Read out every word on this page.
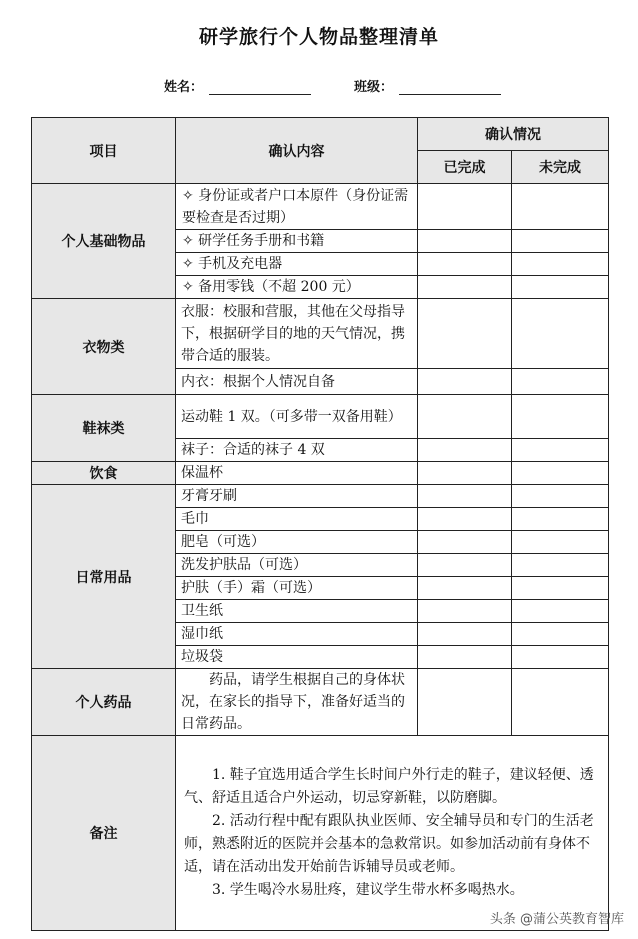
研学旅行个人物品整理清单
姓名：	班级：
项目	确认内容	确认情况	
		已完成	未完成
个人基础物品	✧ 身份证或者户口本原件（身份证需要检查是否过期）		
	✧ 研学任务手册和书籍		
	✧ 手机及充电器		
	✧ 备用零钱（不超 200 元）		
衣物类	衣服：校服和营服，其他在父母指导下，根据研学目的地的天气情况，携带合适的服装。		
	内衣：根据个人情况自备		
鞋袜类	运动鞋 1 双。（可多带一双备用鞋）		
	袜子：合适的袜子 4 双		
饮食	保温杯		
日常用品	牙膏牙刷		
	毛巾		
	肥皂（可选）		
	洗发护肤品（可选）		
	护肤（手）霜（可选）		
	卫生纸		
	湿巾纸		
	垃圾袋		
个人药品	药品，请学生根据自己的身体状况，在家长的指导下，准备好适当的日常药品。		
备注	1. 鞋子宜选用适合学生长时间户外行走的鞋子，建议轻便、透气、舒适且适合户外运动，切忌穿新鞋，以防磨脚。

2. 活动行程中配有跟队执业医师、安全辅导员和专门的生活老师，熟悉附近的医院并会基本的急救常识。如参加活动前有身体不适，请在活动出发开始前告诉辅导员或老师。

3. 学生喝冷水易肚疼，建议学生带水杯多喝热水。		

头条 @蒲公英教育智库
